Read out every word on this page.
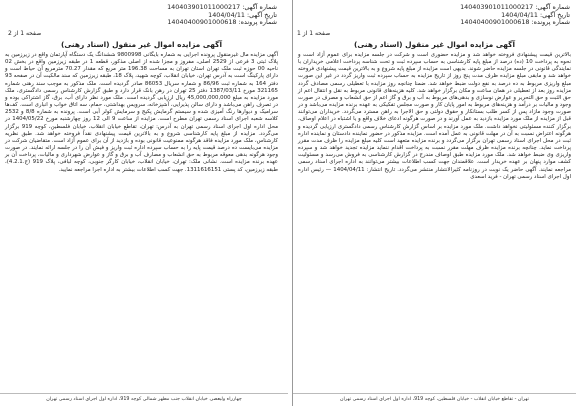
شماره آگهی: 140403901011000217
تاریخ آگهی: 1404/04/11
شماره پرونده: 14040400901000618
صفحه 1 از 1
آگهی مزایده اموال غیر منقول (اسناد رهنی)
بالاترین قیمت پیشنهادی فروخته خواهد شد و مزایده حضوری است و شرکت در جلسه مزایده برای عموم آزاد است و نحوه به پرداخت 10 (ده) درصد از مبلغ پایه کارشناسی به حساب سپرده ثبت و تحت شناسه پرداخت اعلامی خریداران با نمایندگی قانونی در جلسه مزایده حاضر شوند. بدیهی است مزایده از مبلغ پایه شروع و به بالاترین قیمت پیشنهادی فروخته خواهد شد و مابقی مبلغ مزایده ظرف مدت پنج روز از تاریخ مزایده به حساب سپرده ثبت واریز گردد در غیر این صورت مبلغ واریزی مربوط به ده درصد به نفع دولت ضبط خواهد شد. ضمنا چنانچه روز مزایده با تعطیلی رسمی مصادف گردد مزایده روز بعد از تعطیلی در همان ساعت و مکان برگزار خواهد شد. کلیه هزینه‌های قانونی مربوط به نقل و انتقال اعم از حق الثبت و حق التحریر و عوارض نوسازی و بدهی‌های مربوط به آب و برق و گاز اعم از حق انشعاب و مصرف در صورت وجود و مالیات بر درآمد و هزینه‌های مربوط به امور پایان کار و صورت مجلس تفکیکی به عهده برنده مزایده می‌باشد و در صورت وجود مازاد پس از کسر طلب بستانکار و حقوق دولتی و حق الاجرا به راهن مسترد می‌گردد. خریداران می‌توانند قبل از مزایده از ملک مورد مزایده بازدید به عمل آورند و در صورت هرگونه ادعای خلاف واقع و یا اشتباه در اعلام اوصاف، برگزار کننده مسئولیتی نخواهد داشت. ملک مورد مزایده بر اساس گزارش کارشناس رسمی دادگستری ارزیابی گردیده و هرگونه اعتراض نسبت به آن در مهلت قانونی به عمل آمده است. مزایده مذکور در حضور نماینده دادستان و نماینده اداره ثبت در محل اجرای اسناد رسمی تهران برگزار می‌گردد و برنده مزایده متعهد است کلیه مبلغ مزایده را ظرف مدت مقرر پرداخت نماید. چنانچه برنده مزایده ظرف مهلت مقرر نسبت به پرداخت اقدام ننماید مزایده تجدید خواهد شد و سپرده واریزی وی ضبط خواهد شد. ملک مورد مزایده طبق اوصاف مندرج در گزارش کارشناسی به فروش می‌رسد و مسئولیت کشف موارد پنهان بر عهده خریدار است. علاقمندان جهت کسب اطلاعات بیشتر می‌توانند به اداره اجرای اسناد رسمی مراجعه نمایند. آگهی حاضر یک نوبت در روزنامه کثیرالانتشار منتشر می‌گردد. تاریخ انتشار: 1404/04/11 — رئیس اداره اول اجرای اسناد رسمی تهران - فرید اسعدی
شماره آگهی: 140403901011000217
تاریخ آگهی: 1404/04/11
شماره پرونده: 14040400901000618
صفحه 1 از 2
آگهی مزایده اموال غیر منقول (اسناد رهنی)
آگهی مزایده مال غیرمنقول پرونده اجرایی به شماره بایگانی 9800998 ششدانگ یک دستگاه آپارتمان واقع در زیرزمین به پلاک ثبتی 3 فرعی از 2529 اصلی، مفروز و مجزا شده از اصلی مذکور، قطعه 1 در طبقه زیرزمین واقع در بخش 02 ناحیه 00 حوزه ثبت ملک تهران استان تهران به مساحت 196.38 متر مربع که مقدار 70.27 مترمربع آن حیاط است و دارای پارکینگ است به آدرس تهران، خیابان انقلاب، کوچه شهید، پلاک 18، طبقه زیرزمین که سند مالکیت آن در صفحه 93 دفتر 164 به شماره ثبت 86/96 و شماره سریال 86053 صادر گردیده است. ملک مذکور به موجب سند رهنی شماره 321165 مورخ 1387/03/11 دفتر 25 تهران در رهن بانک قرار دارد و طبق گزارش کارشناس رسمی دادگستری، ملک مورد مزایده به مبلغ 45,000,000,000 ریال ارزیابی گردیده است. ملک مورد نظر دارای آب، برق، گاز اشتراکی بوده و در تصرف راهن می‌باشد و دارای سالن پذیرایی، آشپزخانه، سرویس بهداشتی، حمام، سه اتاق خواب و انباری است. کف‌ها سرامیک و دیوارها رنگ آمیزی شده و سیستم گرمایش پکیج و سرمایش کولر آبی است. پرونده به شماره 8/8 و 2532 کلاسه شعبه اجرای اسناد رسمی تهران مطرح است. مزایده از ساعت 9 الی 12 روز چهارشنبه مورخ 1404/05/22 در محل اداره اول اجرای اسناد رسمی تهران به آدرس: تهران، تقاطع خیابان انقلاب، خیابان فلسطین، کوچه 919 برگزار می‌گردد. مزایده از مبلغ پایه کارشناسی شروع و به بالاترین قیمت پیشنهادی نقداً فروخته خواهد شد. طبق نظریه کارشناس، ملک مورد مزایده فاقد هرگونه ممنوعیت قانونی بوده و بازدید از آن برای عموم آزاد است. متقاضیان شرکت در مزایده می‌بایست ده درصد قیمت پایه را به حساب سپرده اداره ثبت واریز و فیش آن را در جلسه ارائه نمایند. در صورت وجود هرگونه بدهی معوقه مربوط به حق انشعاب و مصارف آب و برق و گاز و عوارض شهرداری و مالیات، پرداخت آن بر عهده برنده مزایده است. نشانی ملک: تهران، خیابان انقلاب، خیابان کارگر جنوبی، کوچه لبافی، پلاک 919 (ج.4.2.1)، طبقه زیرزمین، کد پستی 1311616151. جهت کسب اطلاعات بیشتر به اداره اجرا مراجعه نمایید.
تهران - تقاطع خیابان انقلاب - خیابان فلسطین، کوچه 919، اداره اول اجرای اسناد رسمی تهران
چهارراه ولیعصر، خیابان انقلاب جنب مطهر شمالی کوچه 919، اداره اول اجرای اسناد رسمی تهران
